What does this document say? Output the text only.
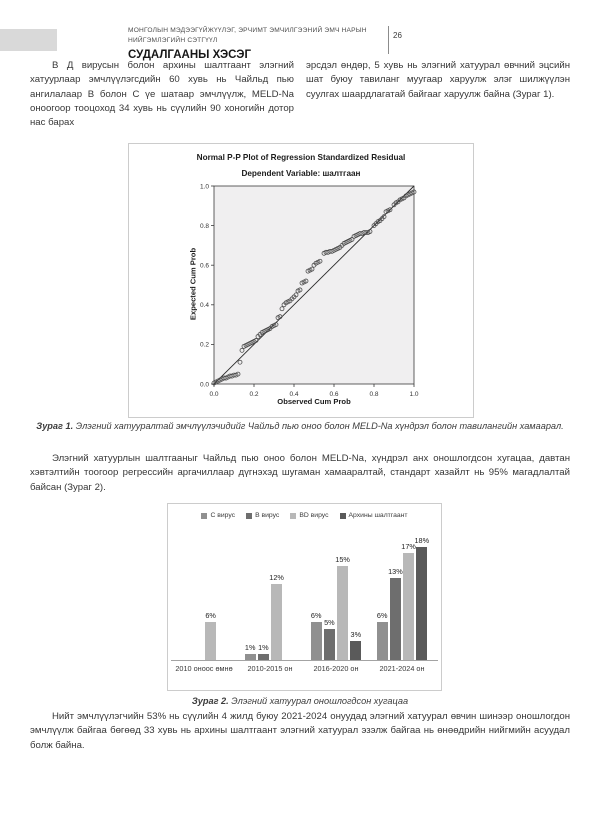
МОНГОЛЫН МЭДЭЭГҮЙЖҮҮЛЭГ, ЭРЧИМТ ЭМЧИЛГЭЭНИЙ ЭМЧ НАРЫН НИЙГЭМЛЭГИЙН СЭТГҮҮЛ
СУДАЛГААНЫ ХЭСЭГ
26
В Д вирусын болон архины шалтгаант элэгний хатуурлаар эмчлүүлэгсдийн 60 хувь нь Чайльд пью ангилалаар В болон С үе шатаар эмчлүүлж, MELD-Na оноогоор тооцоход 34 хувь нь сүүлийн 90 хоногийн дотор нас барах
эрсдэл өндөр, 5 хувь нь элэгний хатуурал өвчний эцсийн шат буюу тавиланг муугаар харуулж элэг шилжүүлэн суулгах шаардлагатай байгааг харуулж байна (Зураг 1).
Normal P-P Plot of Regression Standardized Residual
Dependent Variable: шалтгаан
0.0	0.2	0.4	0.6	0.8	1.0
0.0
0.2
0.4
0.6
0.8
1.0
Expected Cum Prob
Observed Cum Prob
Зураг 1. Элэгний хатууралтай эмчлүүлэчидийг Чайльд пью оноо болон MELD-Na хүндрэл болон тавилангийн хамаарал.
Элэгний хатуурлын шалтгааныг Чайльд пью оноо болон MELD-Na, хүндрэл анх оношлогдсон хугацаа, давтан хэвтэлтийн тоогоор регрессийн аргачиллаар дүгнэхэд шугаман хамааралтай, стандарт хазайлт нь 95% магадлалтай байсан (Зураг 2).
С вирус	В вирус	BD вирус	Архины шалтгаант
6%
2010 оноос өмнө
1% 1%
12%
2010-2015 он
6%
5%
15%
3%
2016-2020 он
6%
13%
17%
18%
2021-2024 он
Зураг 2. Элэгний хатуурал оношлогдсон хугацаа
Нийт эмчлүүлэгчийн 53% нь сүүлийн 4 жилд буюу 2021-2024 онуудад элэгний хатуурал өвчин шинээр оношлогдон эмчлүүлж байгаа бөгөөд 33 хувь нь архины шалтгаант элэгний хатуурал эзэлж байгаа нь өнөөдрийн нийгмийн асуудал болж байна.
